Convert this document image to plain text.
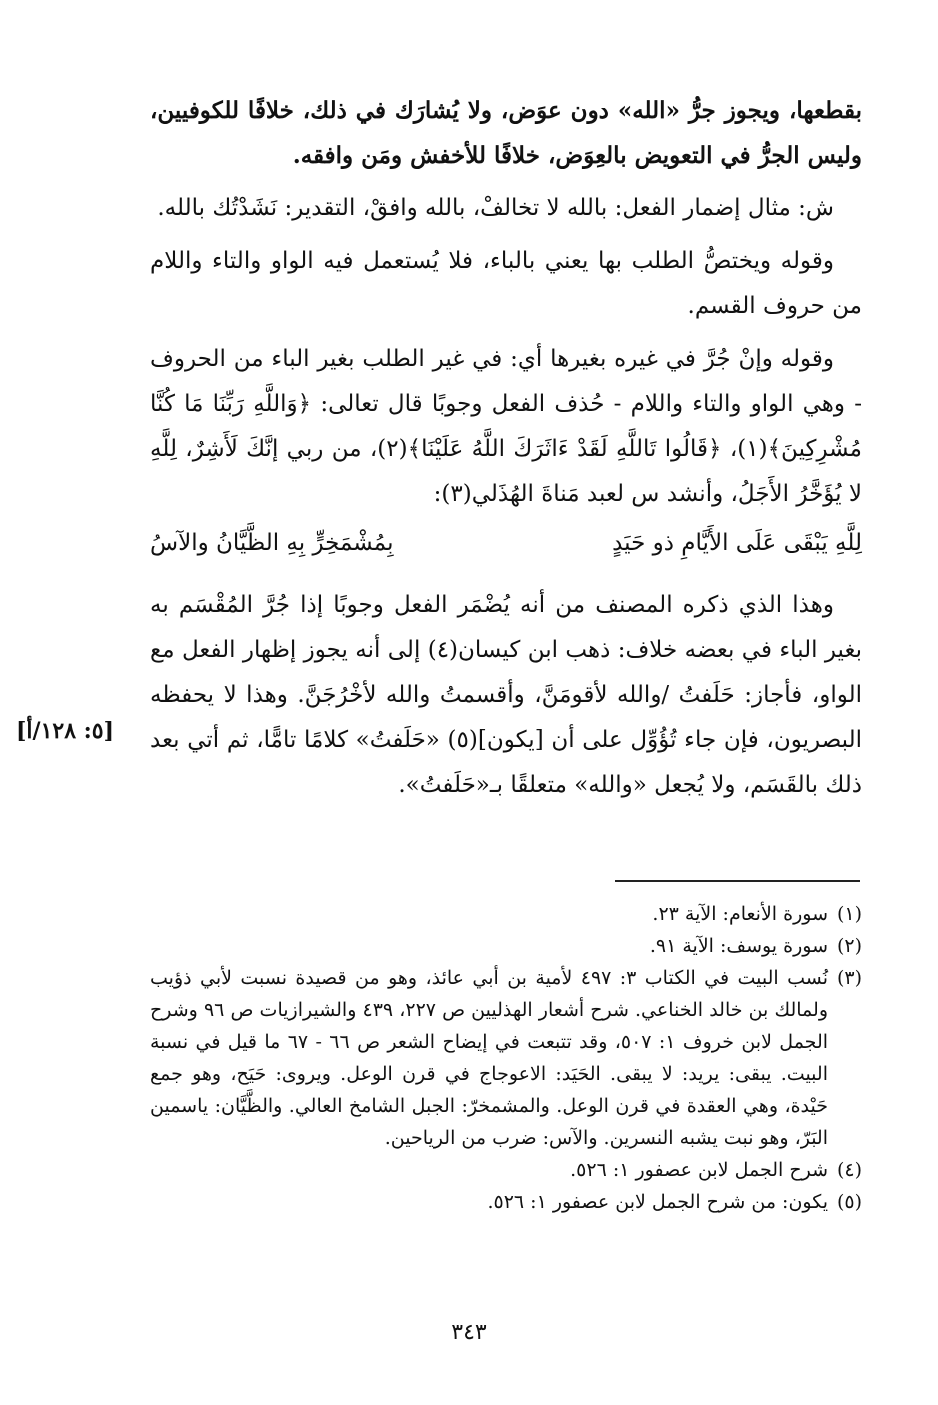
بقطعها، ويجوز جرُّ «الله» دون عوَض، ولا يُشارَك في ذلك، خلافًا للكوفيين، وليس الجرُّ في التعويض بالعِوَض، خلافًا للأخفش ومَن وافقه.

ش: مثال إضمار الفعل: بالله لا تخالفْ، بالله وافقْ، التقدير: نَشَدْتُك بالله.

وقوله ويختصُّ الطلب بها يعني بالباء، فلا يُستعمل فيه الواو والتاء واللام من حروف القسم.

وقوله وإنْ جُرَّ في غيره بغيرها أي: في غير الطلب بغير الباء من الحروف - وهي الواو والتاء واللام - حُذف الفعل وجوبًا قال تعالى: ﴿وَاللَّهِ رَبِّنَا مَا كُنَّا مُشْرِكِينَ﴾(١)، ﴿قَالُوا تَاللَّهِ لَقَدْ ءَاثَرَكَ اللَّهُ عَلَيْنَا﴾(٢)، من ربي إنَّكَ لَأَشِرٌ، لِلَّهِ لا يُؤَخَّرُ الأَجَلُ، وأنشد س لعبد مَناةَ الهُذَلي(٣):

لِلَّهِ يَبْقَى عَلَى الأَيَّامِ ذو حَيَدٍ
بِمُشْمَخِرٍّ بِهِ الظَّيَّانُ والآسُ

وهذا الذي ذكره المصنف من أنه يُضْمَر الفعل وجوبًا إذا جُرَّ المُقْسَم به بغير الباء في بعضه خلاف: ذهب ابن كيسان(٤) إلى أنه يجوز إظهار الفعل مع الواو، فأجاز: حَلَفتُ /والله لأقومَنَّ، وأقسمتُ والله لأخْرُجَنَّ. وهذا لا يحفظه البصريون، فإن جاء تُؤُوِّل على أن [يكون](٥) «حَلَفتُ» كلامًا تامًّا، ثم أتي بعد ذلك بالقَسَم، ولا يُجعل «والله» متعلقًا بـ«حَلَفتُ».

[٥: ١٢٨/أ]
(١)
سورة الأنعام: الآية ٢٣.
(٢)
سورة يوسف: الآية ٩١.
(٣)
نُسب البيت في الكتاب ٣: ٤٩٧ لأمية بن أبي عائذ، وهو من قصيدة نسبت لأبي ذؤيب ولمالك بن خالد الخناعي. شرح أشعار الهذليين ص ٢٢٧، ٤٣٩ والشيرازيات ص ٩٦ وشرح الجمل لابن خروف ١: ٥٠٧، وقد تتبعت في إيضاح الشعر ص ٦٦ - ٦٧ ما قيل في نسبة البيت. يبقى: يريد: لا يبقى. الحَيَد: الاعوجاج في قرن الوعل. ويروى: حَيَح، وهو جمع حَيْدة، وهي العقدة في قرن الوعل. والمشمخرّ: الجبل الشامخ العالي. والظَّيَّان: ياسمين البَرّ، وهو نبت يشبه النسرين. والآس: ضرب من الرياحين.
(٤)
شرح الجمل لابن عصفور ١: ٥٢٦.
(٥)
يكون: من شرح الجمل لابن عصفور ١: ٥٢٦.
٣٤٣
